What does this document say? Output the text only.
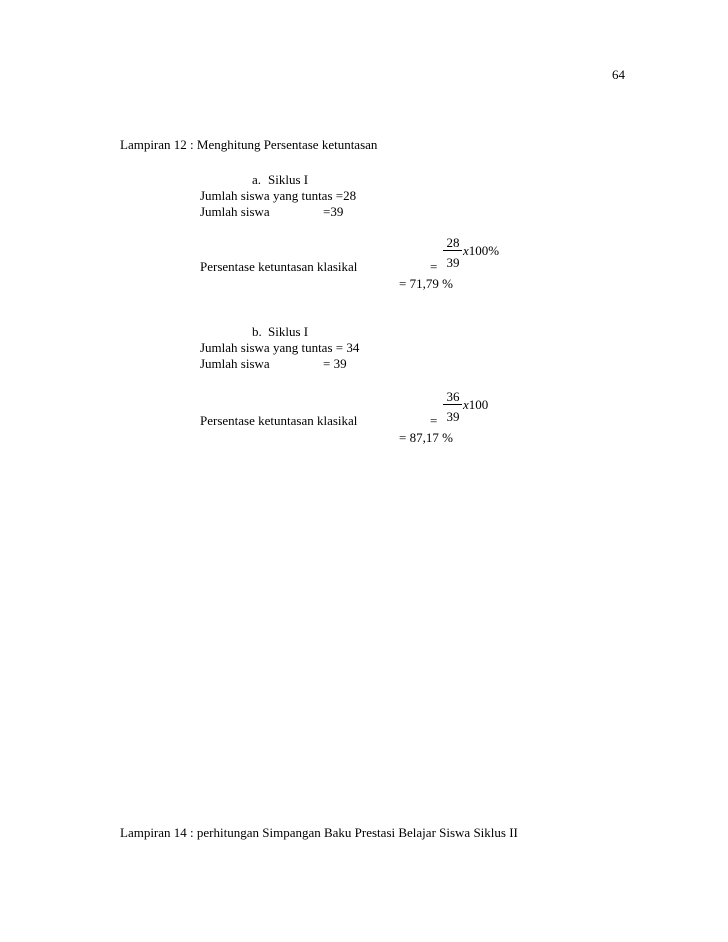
64
Lampiran 12 : Menghitung Persentase ketuntasan
a. Siklus I
Jumlah siswa yang tuntas =28
Jumlah siswa	=39
28
x100%
Persentase ketuntasan klasikal	= 39
= 71,79 %
b. Siklus I
Jumlah siswa yang tuntas = 34
Jumlah siswa	= 39
36
x100
Persentase ketuntasan klasikal	= 39
= 87,17 %
Lampiran 14 : perhitungan Simpangan Baku Prestasi Belajar Siswa Siklus II
